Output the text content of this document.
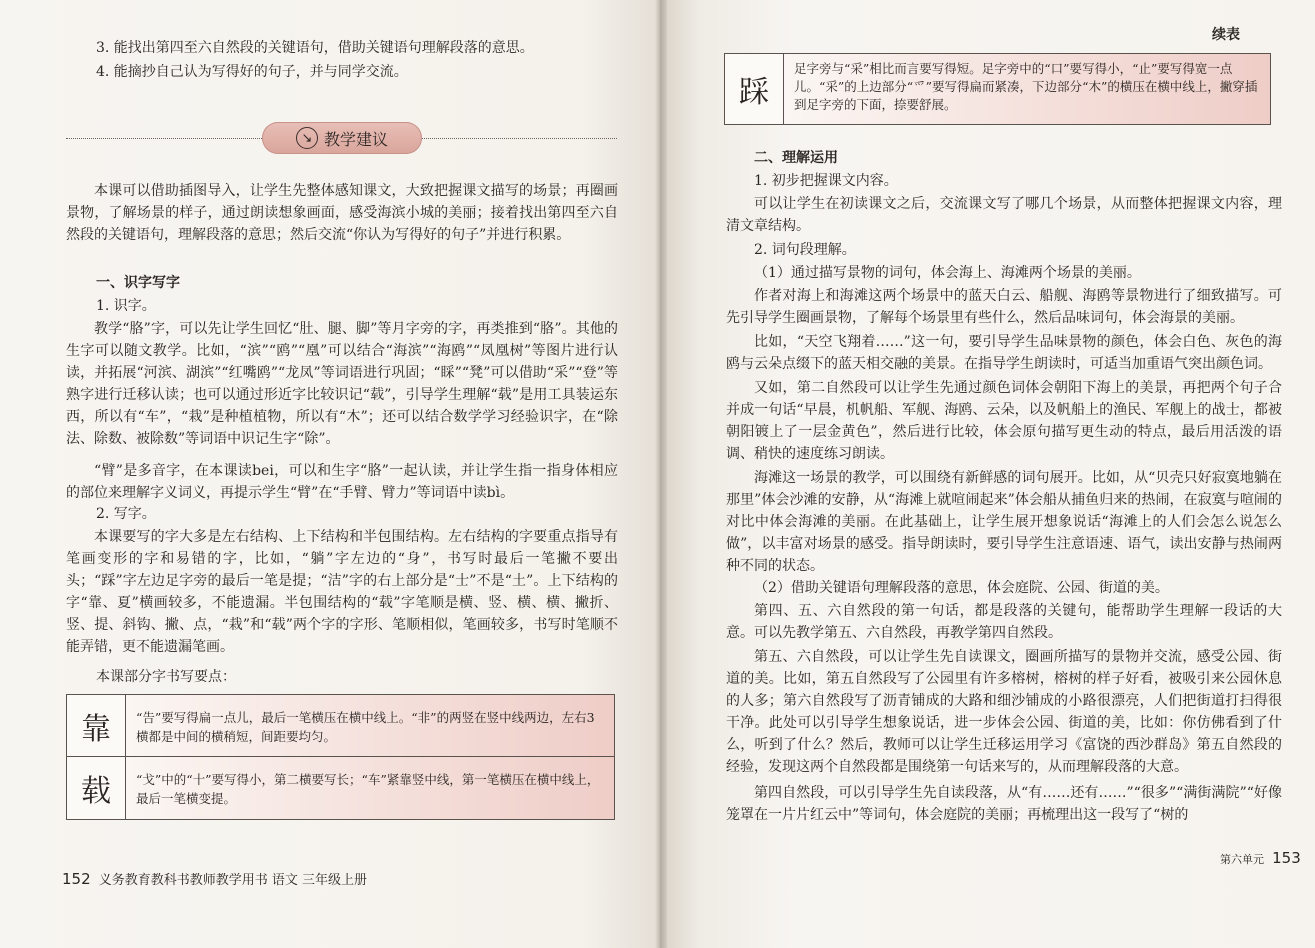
3. 能找出第四至六自然段的关键语句，借助关键语句理解段落的意思。

4. 能摘抄自己认为写得好的句子，并与同学交流。

↘ 教学建议

本课可以借助插图导入，让学生先整体感知课文，大致把握课文描写的场景；再圈画景物，了解场景的样子，通过朗读想象画面，感受海滨小城的美丽；接着找出第四至六自然段的关键语句，理解段落的意思；然后交流“你认为写得好的句子”并进行积累。

一、识字写字

1. 识字。

教学“胳”字，可以先让学生回忆“肚、腿、脚”等月字旁的字，再类推到“胳”。其他的生字可以随文教学。比如，“滨”“鸥”“凰”可以结合“海滨”“海鸥”“凤凰树”等图片进行认读，并拓展“河滨、湖滨”“红嘴鸥”“龙凤”等词语进行巩固；“睬”“凳”可以借助“采”“登”等熟字进行迁移认读；也可以通过形近字比较识记“载”，引导学生理解“载”是用工具装运东西，所以有“车”，“栽”是种植植物，所以有“木”；还可以结合数学学习经验识字，在“除法、除数、被除数”等词语中识记生字“除”。

“臂”是多音字，在本课读bei，可以和生字“胳”一起认读，并让学生指一指身体相应的部位来理解字义词义，再提示学生“臂”在“手臂、臂力”等词语中读bì。

2. 写字。

本课要写的字大多是左右结构、上下结构和半包围结构。左右结构的字要重点指导有笔画变形的字和易错的字，比如，“躺”字左边的“身”，书写时最后一笔撇不要出头；“踩”字左边足字旁的最后一笔是提；“洁”字的右上部分是“士”不是“土”。上下结构的字“靠、夏”横画较多，不能遗漏。半包围结构的“载”字笔顺是横、竖、横、横、撇折、竖、提、斜钩、撇、点，“栽”和“载”两个字的字形、笔顺相似，笔画较多，书写时笔顺不能弄错，更不能遗漏笔画。

本课部分字书写要点：

靠	“告”要写得扁一点儿，最后一笔横压在横中线上。“非”的两竖在竖中线两边，左右3横都是中间的横稍短，间距要均匀。
载	“戈”中的“十”要写得小，第二横要写长；“车”紧靠竖中线，第一笔横压在横中线上，最后一笔横变提。
152 义务教育教科书教师教学用书 语文 三年级上册

续表

踩
足字旁与“采”相比而言要写得短。足字旁中的“口”要写得小，“止”要写得宽一点儿。“采”的上边部分“爫”要写得扁而紧凑，下边部分“木”的横压在横中线上，撇穿插到足字旁的下面，捺要舒展。

二、理解运用

1. 初步把握课文内容。

可以让学生在初读课文之后，交流课文写了哪几个场景，从而整体把握课文内容，理清文章结构。

2. 词句段理解。

（1）通过描写景物的词句，体会海上、海滩两个场景的美丽。

作者对海上和海滩这两个场景中的蓝天白云、船舰、海鸥等景物进行了细致描写。可先引导学生圈画景物，了解每个场景里有些什么，然后品味词句，体会海景的美丽。

比如，“天空飞翔着……”这一句，要引导学生品味景物的颜色，体会白色、灰色的海鸥与云朵点缀下的蓝天相交融的美景。在指导学生朗读时，可适当加重语气突出颜色词。

又如，第二自然段可以让学生先通过颜色词体会朝阳下海上的美景，再把两个句子合并成一句话“早晨，机帆船、军舰、海鸥、云朵，以及帆船上的渔民、军舰上的战士，都被朝阳镀上了一层金黄色”，然后进行比较，体会原句描写更生动的特点，最后用活泼的语调、稍快的速度练习朗读。

海滩这一场景的教学，可以围绕有新鲜感的词句展开。比如，从“贝壳只好寂寞地躺在那里”体会沙滩的安静，从“海滩上就喧闹起来”体会船从捕鱼归来的热闹，在寂寞与喧闹的对比中体会海滩的美丽。在此基础上，让学生展开想象说话“海滩上的人们会怎么说怎么做”，以丰富对场景的感受。指导朗读时，要引导学生注意语速、语气，读出安静与热闹两种不同的状态。

（2）借助关键语句理解段落的意思，体会庭院、公园、街道的美。

第四、五、六自然段的第一句话，都是段落的关键句，能帮助学生理解一段话的大意。可以先教学第五、六自然段，再教学第四自然段。

第五、六自然段，可以让学生先自读课文，圈画所描写的景物并交流，感受公园、街道的美。比如，第五自然段写了公园里有许多榕树，榕树的样子好看，被吸引来公园休息的人多；第六自然段写了沥青铺成的大路和细沙铺成的小路很漂亮，人们把街道打扫得很干净。此处可以引导学生想象说话，进一步体会公园、街道的美，比如：你仿佛看到了什么，听到了什么？然后，教师可以让学生迁移运用学习《富饶的西沙群岛》第五自然段的经验，发现这两个自然段都是围绕第一句话来写的，从而理解段落的大意。

第四自然段，可以引导学生先自读段落，从“有……还有……”“很多”“满街满院”“好像笼罩在一片片红云中”等词句，体会庭院的美丽；再梳理出这一段写了“树的

第六单元 153
